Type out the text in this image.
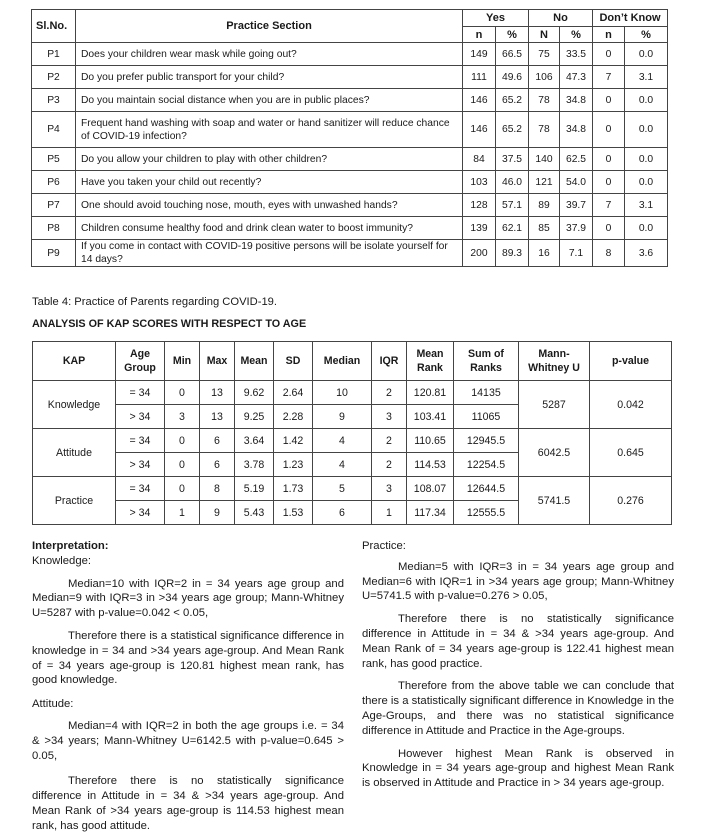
Sl.No.	Practice Section	Yes		No		Don’t Know	
		n	%	N	%	n	%
P1	Does your children wear mask while going out?	149	66.5	75	33.5	0	0.0
P2	Do you prefer public transport for your child?	111	49.6	106	47.3	7	3.1
P3	Do you maintain social distance when you are in public places?	146	65.2	78	34.8	0	0.0
P4	Frequent hand washing with soap and water or hand sanitizer will reduce chance of COVID-19 infection?	146	65.2	78	34.8	0	0.0
P5	Do you allow your children to play with other children?	84	37.5	140	62.5	0	0.0
P6	Have you taken your child out recently?	103	46.0	121	54.0	0	0.0
P7	One should avoid touching nose, mouth, eyes with unwashed hands?	128	57.1	89	39.7	7	3.1
P8	Children consume healthy food and drink clean water to boost immunity?	139	62.1	85	37.9	0	0.0
P9	If you come in contact with COVID-19 positive persons will be isolate yourself for 14 days?	200	89.3	16	7.1	8	3.6
Table 4: Practice of Parents regarding COVID-19.
ANALYSIS OF KAP SCORES WITH RESPECT TO AGE
KAP	Age Group	Min	Max	Mean	SD	Median	IQR	Mean Rank	Sum of Ranks	Mann-Whitney U	p-value
Knowledge	= 34	0	13	9.62	2.64	10	2	120.81	14135	5287	0.042
	> 34	3	13	9.25	2.28	9	3	103.41	11065		
Attitude	= 34	0	6	3.64	1.42	4	2	110.65	12945.5	6042.5	0.645
	> 34	0	6	3.78	1.23	4	2	114.53	12254.5		
Practice	= 34	0	8	5.19	1.73	5	3	108.07	12644.5	5741.5	0.276
	> 34	1	9	5.43	1.53	6	1	117.34	12555.5		

Interpretation:

Knowledge:

Median=10 with IQR=2 in = 34 years age group and Median=9 with IQR=3 in >34 years age group; Mann-Whitney U=5287 with p-value=0.042 < 0.05,

Therefore there is a statistical significance difference in knowledge in = 34 and >34 years age-group. And Mean Rank of = 34 years age-group is 120.81 highest mean rank, has good knowledge.

Attitude:

Median=4 with IQR=2 in both the age groups i.e. = 34 & >34 years; Mann-Whitney U=6142.5 with p-value=0.645 > 0.05,

Therefore there is no statistically significance difference in Attitude in = 34 & >34 years age-group. And Mean Rank of >34 years age-group is 114.53 highest mean rank, has good attitude.

Practice:

Median=5 with IQR=3 in = 34 years age group and Median=6 with IQR=1 in >34 years age group; Mann-Whitney U=5741.5 with p-value=0.276 > 0.05,

Therefore there is no statistically significance difference in Attitude in = 34 & >34 years age-group. And Mean Rank of = 34 years age-group is 122.41 highest mean rank, has good practice.

Therefore from the above table we can conclude that there is a statistically significant difference in Knowledge in the Age-Groups, and there was no statistical significance difference in Attitude and Practice in the Age-groups.

However highest Mean Rank is observed in Knowledge in = 34 years age-group and highest Mean Rank is observed in Attitude and Practice in > 34 years age-group.
